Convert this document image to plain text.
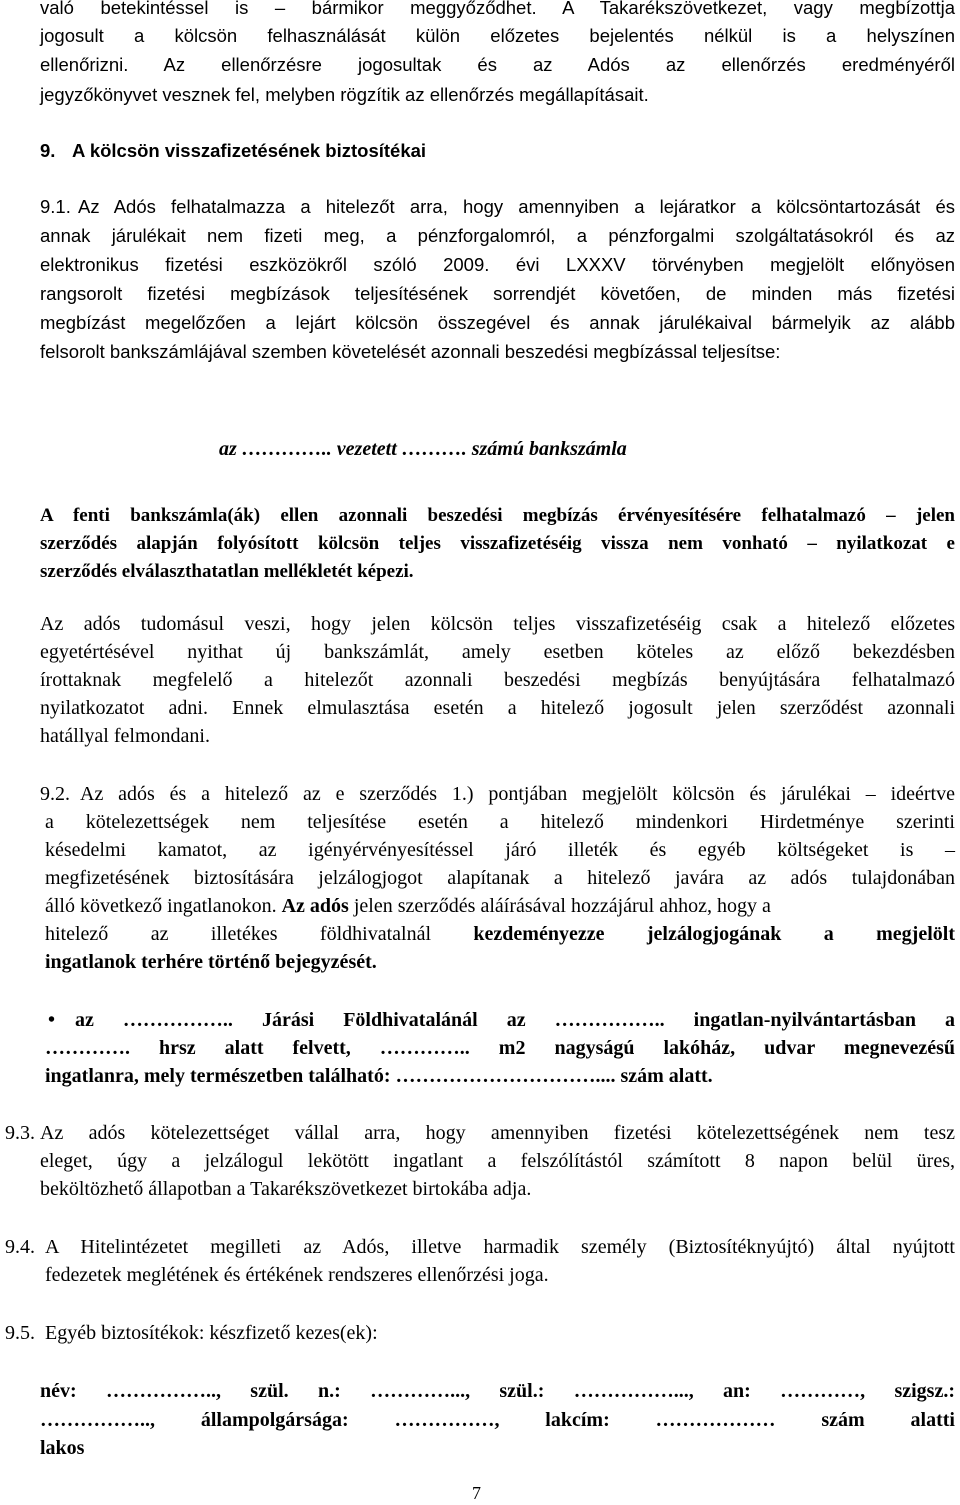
való betekintéssel is – bármikor meggyőződhet. A Takarékszövetkezet, vagy megbízottja
jogosult a kölcsön felhasználását külön előzetes bejelentés nélkül is a helyszínen
ellenőrizni. Az ellenőrzésre jogosultak és az Adós az ellenőrzés eredményéről
jegyzőkönyvet vesznek fel, melyben rögzítik az ellenőrzés megállapításait.
9. A kölcsön visszafizetésének biztosítékai
9.1. Az Adós felhatalmazza a hitelezőt arra, hogy amennyiben a lejáratkor a kölcsöntartozását és
annak járulékait nem fizeti meg, a pénzforgalomról, a pénzforgalmi szolgáltatásokról és az
elektronikus fizetési eszközökről szóló 2009. évi LXXXV törvényben megjelölt előnyösen
rangsorolt fizetési megbízások teljesítésének sorrendjét követően, de minden más fizetési
megbízást megelőzően a lejárt kölcsön összegével és annak járulékaival bármelyik az alább
felsorolt bankszámlájával szemben követelését azonnali beszedési megbízással teljesítse:
az ………….. vezetett ………. számú bankszámla
A fenti bankszámla(ák) ellen azonnali beszedési megbízás érvényesítésére felhatalmazó – jelen
szerződés alapján folyósított kölcsön teljes visszafizetéséig vissza nem vonható – nyilatkozat e
szerződés elválaszthatatlan mellékletét képezi.
Az adós tudomásul veszi, hogy jelen kölcsön teljes visszafizetéséig csak a hitelező előzetes
egyetértésével nyithat új bankszámlát, amely esetben köteles az előző bekezdésben
írottaknak megfelelő a hitelezőt azonnali beszedési megbízás benyújtására felhatalmazó
nyilatkozatot adni. Ennek elmulasztása esetén a hitelező jogosult jelen szerződést azonnali
hatállyal felmondani.
9.2. Az adós és a hitelező az e szerződés 1.) pontjában megjelölt kölcsön és járulékai – ideértve
a kötelezettségek nem teljesítése esetén a hitelező mindenkori Hirdetménye szerinti
késedelmi kamatot, az igényérvényesítéssel járó illeték és egyéb költségeket is –
megfizetésének biztosítására jelzálogjogot alapítanak a hitelező javára az adós tulajdonában
álló következő ingatlanokon. Az adós jelen szerződés aláírásával hozzájárul ahhoz, hogy a
hitelező az illetékes földhivatalnál kezdeményezze jelzálogjogának a megjelölt
ingatlanok terhére történő bejegyzését.
• az …………….. Járási Földhivatalánál az …………….. ingatlan-nyilvántartásban a
…………. hrsz alatt felvett, ………….. m2 nagyságú lakóház, udvar megnevezésű
ingatlanra, mely természetben található: ………………………….... szám alatt.
9.3. Az adós kötelezettséget vállal arra, hogy amennyiben fizetési kötelezettségének nem tesz
eleget, úgy a jelzálogul lekötött ingatlant a felszólítástól számított 8 napon belül üres,
beköltözhető állapotban a Takarékszövetkezet birtokába adja.
9.4. A Hitelintézetet megilleti az Adós, illetve harmadik személy (Biztosítéknyújtó) által nyújtott
fedezetek meglétének és értékének rendszeres ellenőrzési joga.
9.5. Egyéb biztosítékok: készfizető kezes(ek):
név: …………….., szül. n.: …………..., szül.: ……………..., an: …………, szigsz.:
…………….., állampolgársága: ……………, lakcím: ……………… szám alatti
lakos
7
